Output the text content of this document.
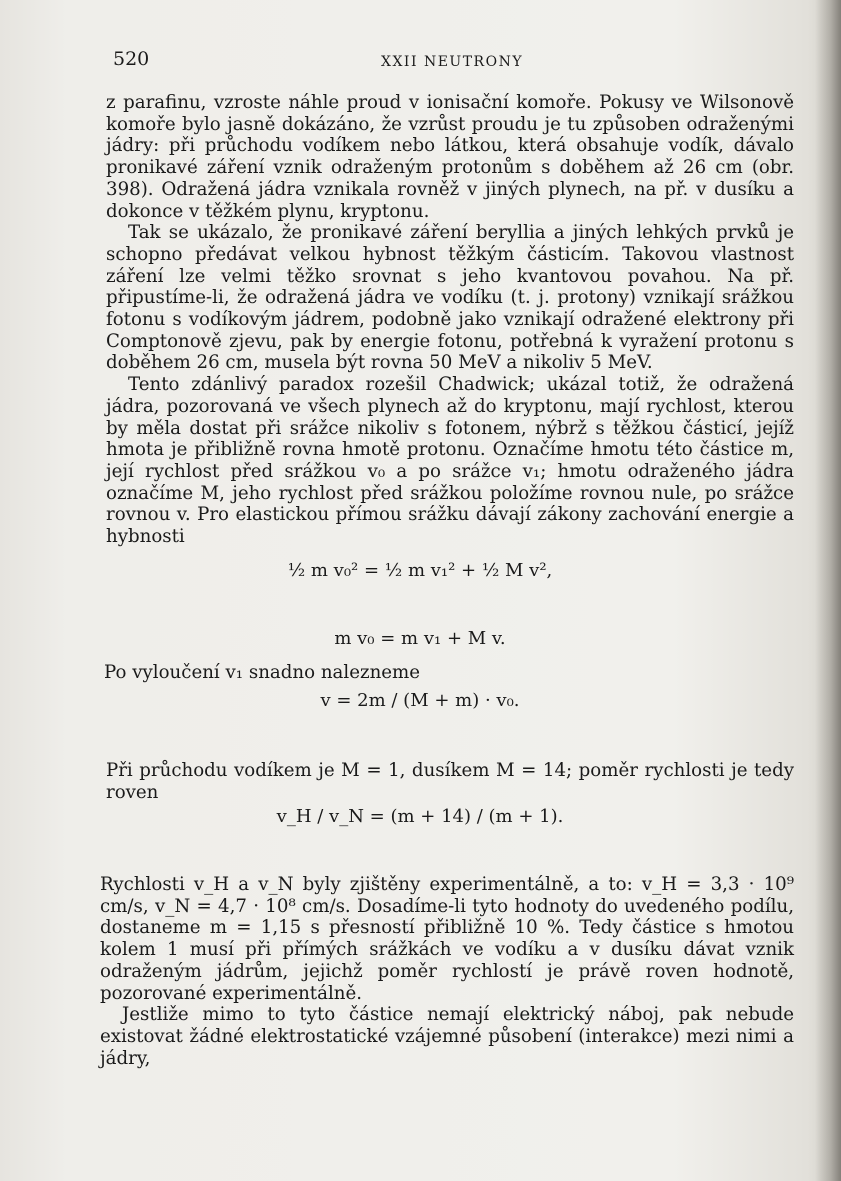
520	XXII NEUTRONY

z parafinu, vzroste náhle proud v ionisační komoře. Pokusy ve Wilsonově komoře bylo jasně dokázáno, že vzrůst proudu je tu způsoben odraženými jádry: při průchodu vodíkem nebo látkou, která obsahuje vodík, dávalo pronikavé záření vznik odraženým protonům s doběhem až 26 cm (obr. 398). Odražená jádra vznikala rovněž v jiných plynech, na př. v dusíku a dokonce v těžkém plynu, kryptonu.

Tak se ukázalo, že pronikavé záření beryllia a jiných lehkých prvků je schopno předávat velkou hybnost těžkým částicím. Takovou vlastnost záření lze velmi těžko srovnat s jeho kvantovou povahou. Na př. připustíme-li, že odražená jádra ve vodíku (t. j. protony) vznikají srážkou fotonu s vodíkovým jádrem, podobně jako vznikají odražené elektrony při Comptonově zjevu, pak by energie fotonu, potřebná k vyražení protonu s doběhem 26 cm, musela být rovna 50 MeV a nikoliv 5 MeV.

Tento zdánlivý paradox rozešil Chadwick; ukázal totiž, že odražená jádra, pozorovaná ve všech plynech až do kryptonu, mají rychlost, kterou by měla dostat při srážce nikoliv s fotonem, nýbrž s těžkou částicí, jejíž hmota je přibližně rovna hmotě protonu. Označíme hmotu této částice m, její rychlost před srážkou v₀ a po srážce v₁; hmotu odraženého jádra označíme M, jeho rychlost před srážkou položíme rovnou nule, po srážce rovnou v. Pro elastickou přímou srážku dávají zákony zachování energie a hybnosti

½ m v₀² = ½ m v₁² + ½ M v²,
m v₀ = m v₁ + M v.
Po vyloučení v₁ snadno nalezneme
v = 2m / (M + m) · v₀.
Při průchodu vodíkem je M = 1, dusíkem M = 14; poměr rychlosti je tedy roven
v_H / v_N = (m + 14) / (m + 1).

Rychlosti v_H a v_N byly zjištěny experimentálně, a to: v_H = 3,3 · 10⁹ cm/s, v_N = 4,7 · 10⁸ cm/s. Dosadíme-li tyto hodnoty do uvedeného podílu, dostaneme m = 1,15 s přesností přibližně 10 %. Tedy částice s hmotou kolem 1 musí při přímých srážkách ve vodíku a v dusíku dávat vznik odraženým jádrům, jejichž poměr rychlostí je právě roven hodnotě, pozorované experimentálně.

Jestliže mimo to tyto částice nemají elektrický náboj, pak nebude existovat žádné elektrostatické vzájemné působení (interakce) mezi nimi a jádry,
